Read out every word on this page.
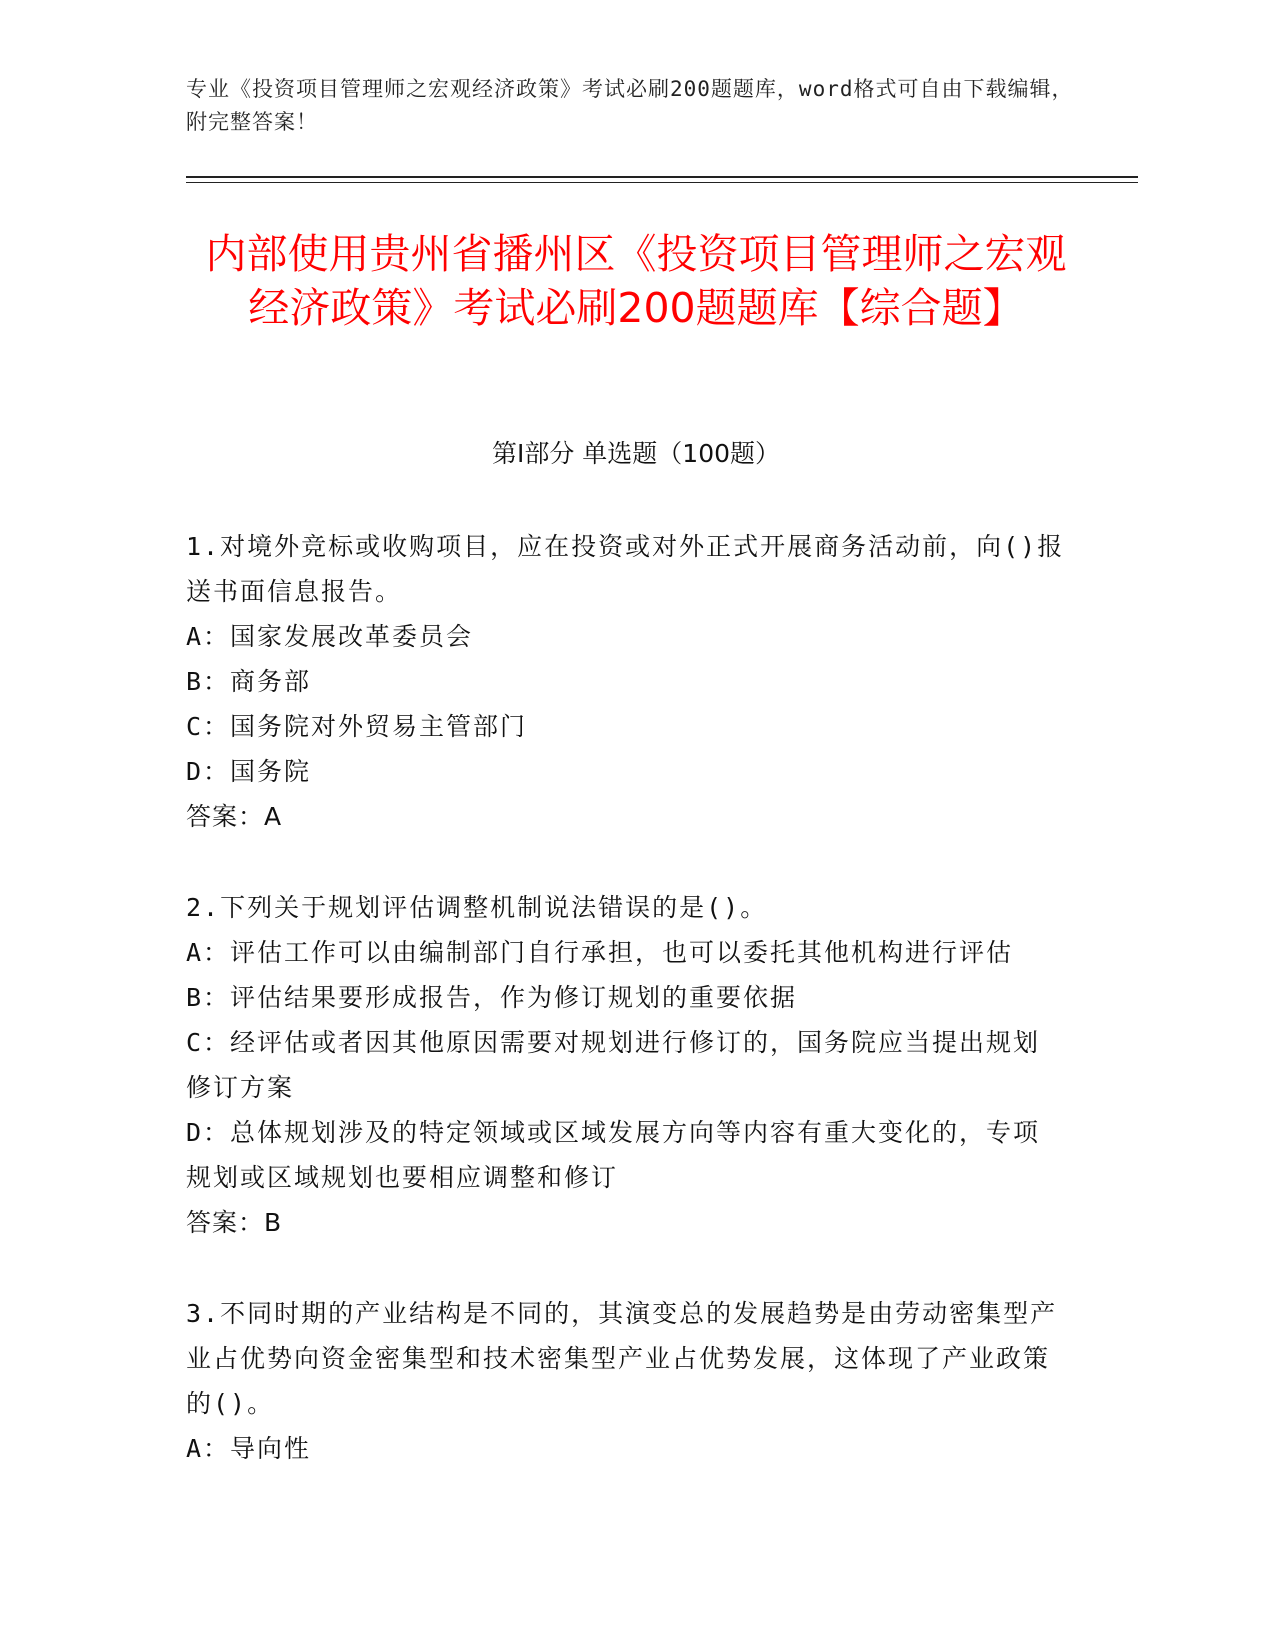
专业《投资项目管理师之宏观经济政策》考试必刷200题题库，word格式可自由下载编辑，附完整答案！
内部使用贵州省播州区《投资项目管理师之宏观经济政策》考试必刷200题题库【综合题】
第I部分 单选题（100题）

1.对境外竞标或收购项目，应在投资或对外正式开展商务活动前，向()报送书面信息报告。

A：国家发展改革委员会

B：商务部

C：国务院对外贸易主管部门

D：国务院

答案：A

2.下列关于规划评估调整机制说法错误的是()。

A：评估工作可以由编制部门自行承担，也可以委托其他机构进行评估

B：评估结果要形成报告，作为修订规划的重要依据

C：经评估或者因其他原因需要对规划进行修订的，国务院应当提出规划修订方案

D：总体规划涉及的特定领域或区域发展方向等内容有重大变化的，专项规划或区域规划也要相应调整和修订

答案：B

3.不同时期的产业结构是不同的，其演变总的发展趋势是由劳动密集型产业占优势向资金密集型和技术密集型产业占优势发展，这体现了产业政策的()。

A：导向性
